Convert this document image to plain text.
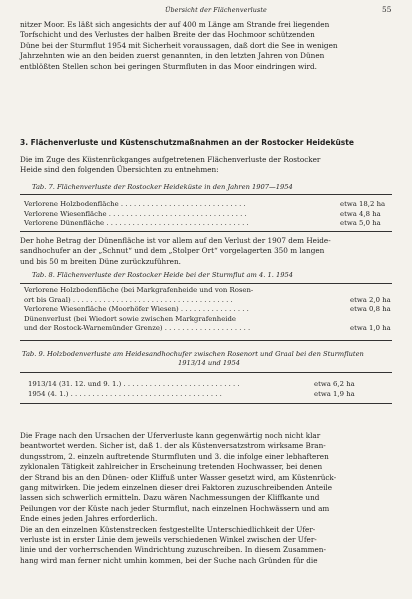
Übersicht der Flächenverluste	55
nitzer Moor. Es läßt sich angesichts der auf 400 m Länge am Strande frei liegenden
Torfschicht und des Verlustes der halben Breite der das Hochmoor schützenden
Düne bei der Sturmflut 1954 mit Sicherheit voraussagen, daß dort die See in wenigen
Jahrzehnten wie an den beiden zuerst genannten, in den letzten Jahren von Dünen
entblößten Stellen schon bei geringen Sturmfluten in das Moor eindringen wird.
3. Flächenverluste und Küstenschutzmaßnahmen an der Rostocker Heideküste
Die im Zuge des Küstenrückganges aufgetretenen Flächenverluste der Rostocker
Heide sind den folgenden Übersichten zu entnehmen:
Tab. 7. Flächenverluste der Rostocker Heideküste in den Jahren 1907—1954
Verlorene Holzbodenfläche . . . . . . . . . . . . . . . . . . . . . . . . . . . . .	etwa 18,2 ha
Verlorene Wiesenfläche . . . . . . . . . . . . . . . . . . . . . . . . . . . . . . . .	etwa 4,8 ha
Verlorene Dünenfläche . . . . . . . . . . . . . . . . . . . . . . . . . . . . . . . . .	etwa 5,0 ha
Der hohe Betrag der Dünenfläche ist vor allem auf den Verlust der 1907 dem Heide-
sandhochufer an der „Schnut“ und dem „Stolper Ort“ vorgelagerten 350 m langen
und bis 50 m breiten Düne zurückzuführen.
Tab. 8. Flächenverluste der Rostocker Heide bei der Sturmflut am 4. 1. 1954
Verlorene Holzbodenfläche (bei Markgrafenheide und von Rosen-
ort bis Graal) . . . . . . . . . . . . . . . . . . . . . . . . . . . . . . . . . . . . .	etwa 2,0 ha
Verlorene Wiesenfläche (Moorhöfer Wiesen) . . . . . . . . . . . . . . . .	etwa 0,8 ha
Dünenverlust (bei Wiedort sowie zwischen Markgrafenheide
und der Rostock-Warnemünder Grenze) . . . . . . . . . . . . . . . . . . . .	etwa 1,0 ha
Tab. 9. Holzbodenverluste am Heidesandhochufer zwischen Rosenort und Graal bei den Sturmfluten
1913/14 und 1954
1913/14 (31. 12. und 9. 1.) . . . . . . . . . . . . . . . . . . . . . . . . . . .	etwa 6,2 ha
1954 (4. 1.) . . . . . . . . . . . . . . . . . . . . . . . . . . . . . . . . . . .	etwa 1,9 ha
Die Frage nach den Ursachen der Uferverluste kann gegenwärtig noch nicht klar
beantwortet werden. Sicher ist, daß 1. der als Küstenversatzstrom wirksame Bran-
dungsstrom, 2. einzeln auftretende Sturmfluten und 3. die infolge einer lebhafteren
zyklonalen Tätigkeit zahlreicher in Erscheinung tretenden Hochwasser, bei denen
der Strand bis an den Dünen- oder Kliffuß unter Wasser gesetzt wird, am Küstenrück-
gang mitwirken. Die jedem einzelnen dieser drei Faktoren zuzuschreibenden Anteile
lassen sich schwerlich ermitteln. Dazu wären Nachmessungen der Kliffkante und
Peilungen vor der Küste nach jeder Sturmflut, nach einzelnen Hochwässern und am
Ende eines jeden Jahres erforderlich.
Die an den einzelnen Küstenstrecken festgestellte Unterschiedlichkeit der Ufer-
verluste ist in erster Linie dem jeweils verschiedenen Winkel zwischen der Ufer-
linie und der vorherrschenden Windrichtung zuzuschreiben. In diesem Zusammen-
hang wird man ferner nicht umhin kommen, bei der Suche nach Gründen für die
